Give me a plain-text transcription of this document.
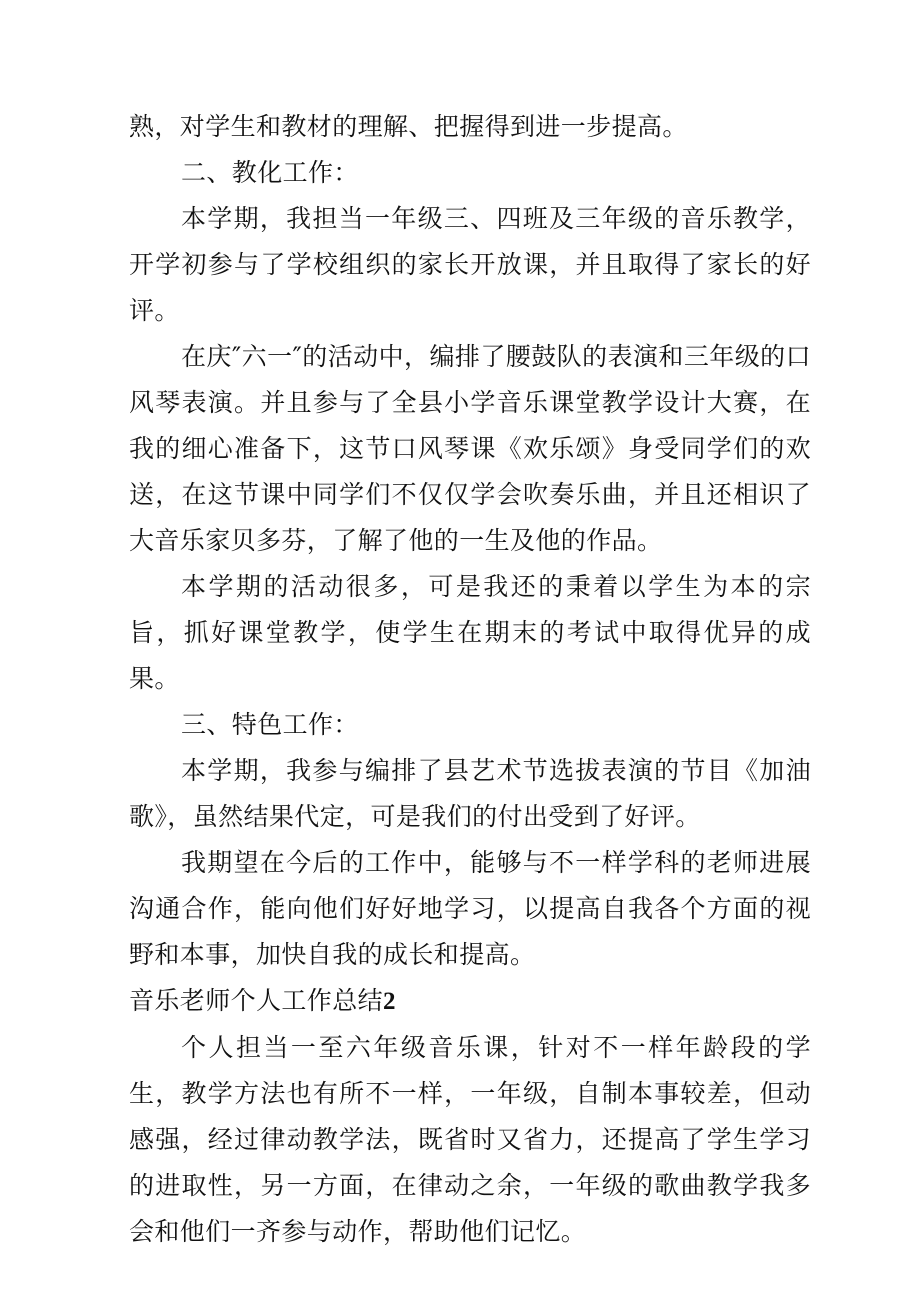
熟，对学生和教材的理解、把握得到进一步提高。

二、教化工作：

本学期，我担当一年级三、四班及三年级的音乐教学，开学初参与了学校组织的家长开放课，并且取得了家长的好评。

在庆″六一″的活动中，编排了腰鼓队的表演和三年级的口风琴表演。并且参与了全县小学音乐课堂教学设计大赛，在我的细心准备下，这节口风琴课《欢乐颂》身受同学们的欢送，在这节课中同学们不仅仅学会吹奏乐曲，并且还相识了大音乐家贝多芬，了解了他的一生及他的作品。

本学期的活动很多，可是我还的秉着以学生为本的宗旨，抓好课堂教学，使学生在期末的考试中取得优异的成果。

三、特色工作：

本学期，我参与编排了县艺术节选拔表演的节目《加油歌》，虽然结果代定，可是我们的付出受到了好评。

我期望在今后的工作中，能够与不一样学科的老师进展沟通合作，能向他们好好地学习，以提高自我各个方面的视野和本事，加快自我的成长和提高。

音乐老师个人工作总结2

个人担当一至六年级音乐课，针对不一样年龄段的学生，教学方法也有所不一样，一年级，自制本事较差，但动感强，经过律动教学法，既省时又省力，还提高了学生学习的进取性，另一方面，在律动之余，一年级的歌曲教学我多会和他们一齐参与动作，帮助他们记忆。
